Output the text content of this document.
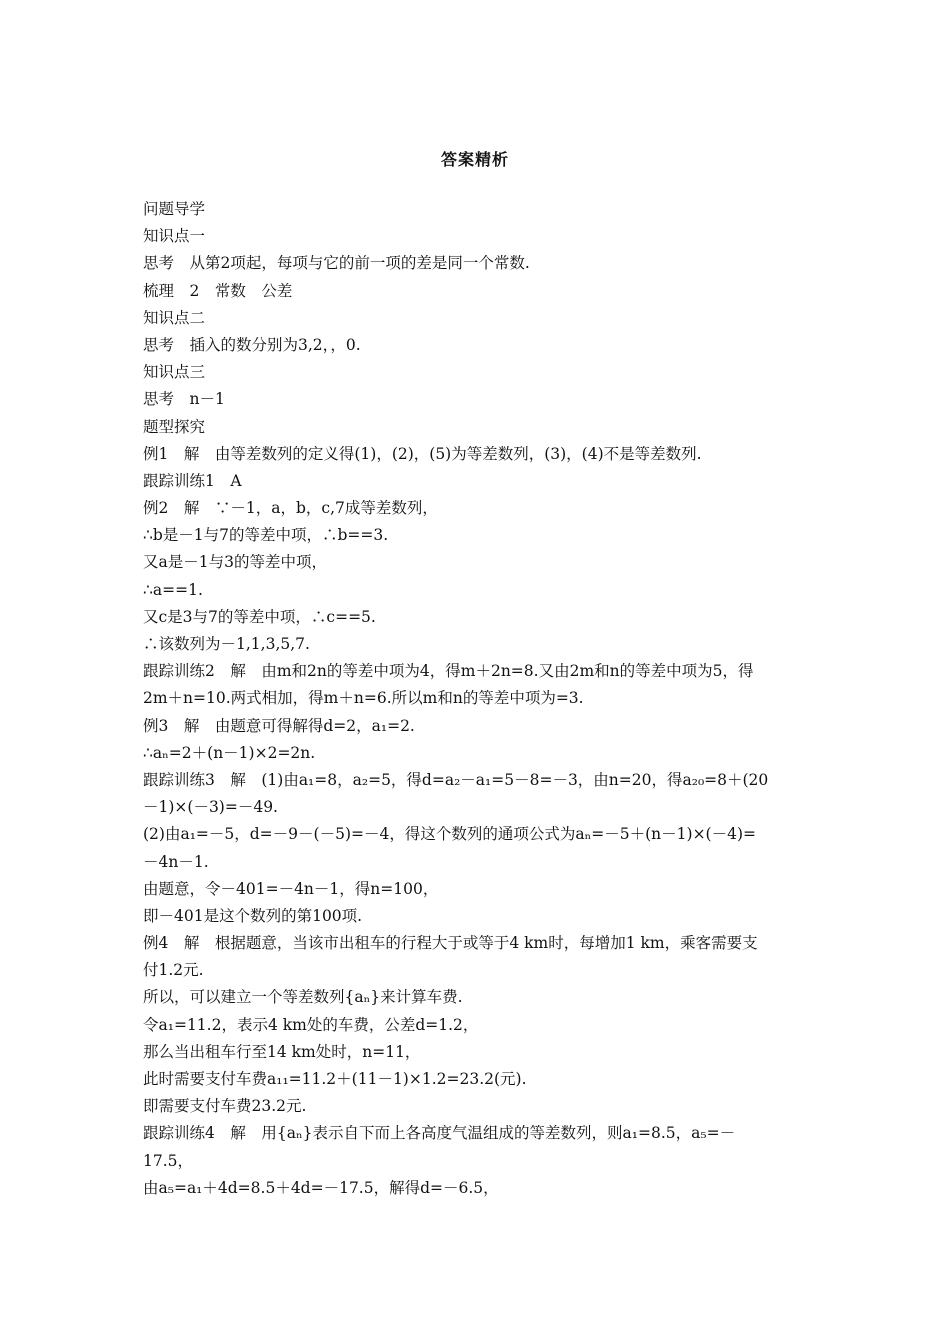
答案精析
问题导学
知识点一
思考　从第2项起，每项与它的前一项的差是同一个常数.
梳理　2　常数　公差
知识点二
思考　插入的数分别为3,2，，0.
知识点三
思考　n－1
题型探究
例1　解　由等差数列的定义得(1)，(2)，(5)为等差数列，(3)，(4)不是等差数列.
跟踪训练1　A
例2　解　∵－1，a，b，c,7成等差数列，
∴b是－1与7的等差中项，∴b==3.
又a是－1与3的等差中项，
∴a==1.
又c是3与7的等差中项，∴c==5.
∴该数列为－1,1,3,5,7.
跟踪训练2　解　由m和2n的等差中项为4，得m＋2n=8.又由2m和n的等差中项为5，得
2m＋n=10.两式相加，得m＋n=6.所以m和n的等差中项为=3.
例3　解　由题意可得解得d=2，a₁=2.
∴aₙ=2＋(n－1)×2=2n.
跟踪训练3　解　(1)由a₁=8，a₂=5，得d=a₂－a₁=5－8=－3，由n=20，得a₂₀=8＋(20
－1)×(－3)=－49.
(2)由a₁=－5，d=－9－(－5)=－4，得这个数列的通项公式为aₙ=－5＋(n－1)×(－4)=
－4n－1.
由题意，令－401=－4n－1，得n=100，
即－401是这个数列的第100项.
例4　解　根据题意，当该市出租车的行程大于或等于4 km时，每增加1 km，乘客需要支
付1.2元.
所以，可以建立一个等差数列{aₙ}来计算车费.
令a₁=11.2，表示4 km处的车费，公差d=1.2，
那么当出租车行至14 km处时，n=11，
此时需要支付车费a₁₁=11.2＋(11－1)×1.2=23.2(元).
即需要支付车费23.2元.
跟踪训练4　解　用{aₙ}表示自下而上各高度气温组成的等差数列，则a₁=8.5，a₅=－
17.5，
由a₅=a₁＋4d=8.5＋4d=－17.5，解得d=－6.5，
